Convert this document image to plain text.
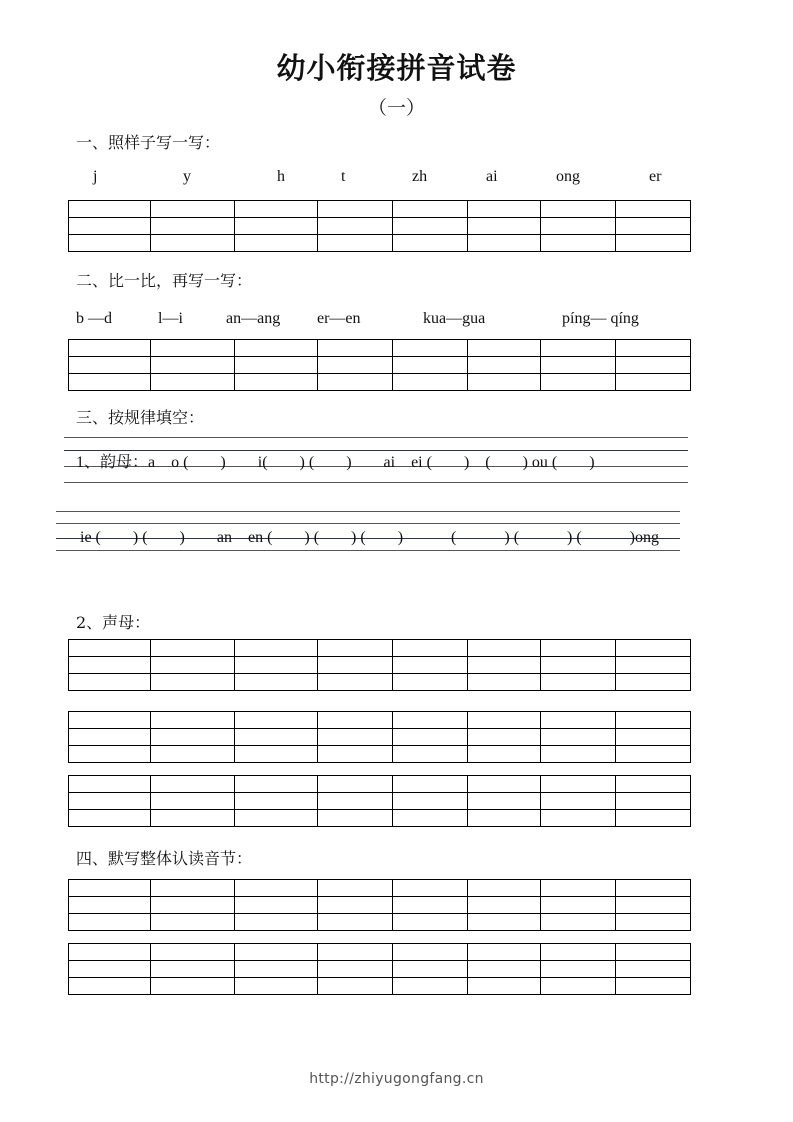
幼小衔接拼音试卷
（一）
一、照样子写一写：
j	y	h	t	zh	ai	ong	er

二、比一比，再写一写：
b —d	l—i	an—ang er—en	kua—gua	píng— qíng

三、按规律填空：
1、韵母：a　o (　　)　　i(　　) (　　)　　ai　ei (　　)　(　　) ou (　　)
ie (　　) (　　)　　an　en (　　) (　　) (　　)　　　(　　　) (　　　) (　　　)ong
2、声母：

四、默写整体认读音节：

http://zhiyugongfang.cn
